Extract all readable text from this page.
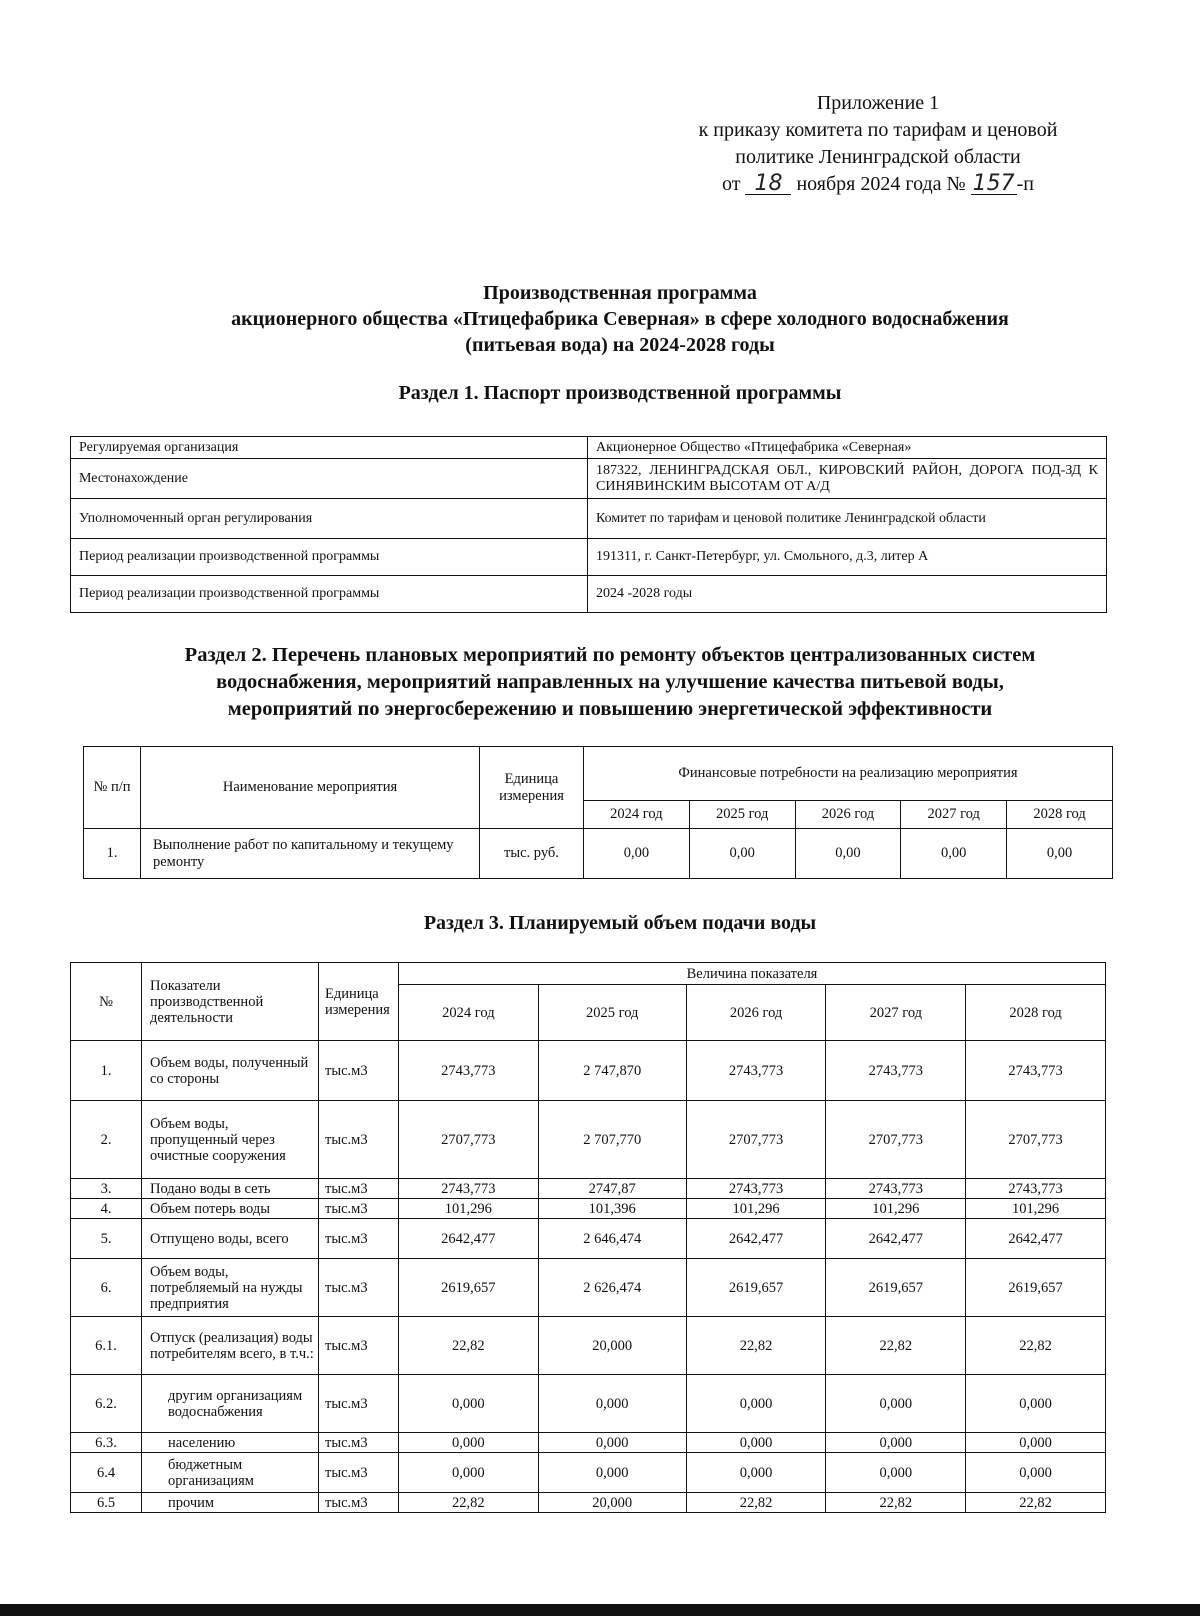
Приложение 1
к приказу комитета по тарифам и ценовой
политике Ленинградской области
от 18 ноября 2024 года № 157 -п
Производственная программа
акционерного общества «Птицефабрика Северная» в сфере холодного водоснабжения
(питьевая вода) на 2024-2028 годы
Раздел 1. Паспорт производственной программы
Регулируемая организация	Акционерное Общество «Птицефабрика «Северная»
Местонахождение	187322, ЛЕНИНГРАДСКАЯ ОБЛ., КИРОВСКИЙ РАЙОН, ДОРОГА ПОД-ЗД К СИНЯВИНСКИМ ВЫСОТАМ ОТ А/Д
Уполномоченный орган регулирования	Комитет по тарифам и ценовой политике Ленинградской области
Период реализации производственной программы	191311, г. Санкт-Петербург, ул. Смольного, д.3, литер А
Период реализации производственной программы	2024 -2028 годы
Раздел 2. Перечень плановых мероприятий по ремонту объектов централизованных систем
водоснабжения, мероприятий направленных на улучшение качества питьевой воды,
мероприятий по энергосбережению и повышению энергетической эффективности
№ п/п	Наименование мероприятия	Единица измерения	Финансовые потребности на реализацию мероприятия				
			2024 год	2025 год	2026 год	2027 год	2028 год
1.	Выполнение работ по капитальному и текущему ремонту	тыс. руб.	0,00	0,00	0,00	0,00	0,00
Раздел 3. Планируемый объем подачи воды
№	Показатели производственной деятельности	Единица измерения	Величина показателя				
			2024 год	2025 год	2026 год	2027 год	2028 год
1.	Объем воды, полученный со стороны	тыс.м3	2743,773	2 747,870	2743,773	2743,773	2743,773
2.	Объем воды, пропущенный через очистные сооружения	тыс.м3	2707,773	2 707,770	2707,773	2707,773	2707,773
3.	Подано воды в сеть	тыс.м3	2743,773	2747,87	2743,773	2743,773	2743,773
4.	Объем потерь воды	тыс.м3	101,296	101,396	101,296	101,296	101,296
5.	Отпущено воды, всего	тыс.м3	2642,477	2 646,474	2642,477	2642,477	2642,477
6.	Объем воды, потребляемый на нужды предприятия	тыс.м3	2619,657	2 626,474	2619,657	2619,657	2619,657
6.1.	Отпуск (реализация) воды потребителям всего, в т.ч.:	тыс.м3	22,82	20,000	22,82	22,82	22,82
6.2.	другим организациям водоснабжения	тыс.м3	0,000	0,000	0,000	0,000	0,000
6.3.	населению	тыс.м3	0,000	0,000	0,000	0,000	0,000
6.4	бюджетным организациям	тыс.м3	0,000	0,000	0,000	0,000	0,000
6.5	прочим	тыс.м3	22,82	20,000	22,82	22,82	22,82
